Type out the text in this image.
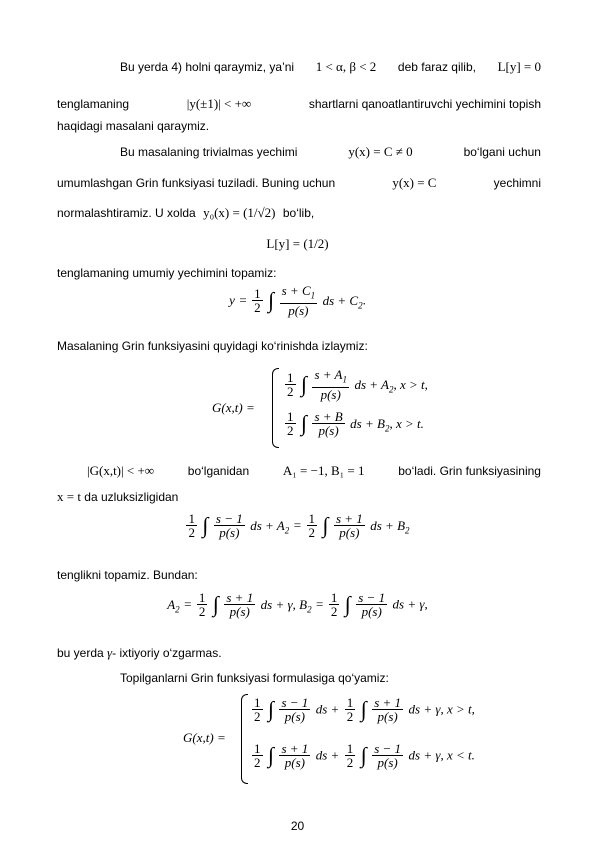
Bu yerda 4) holni qaraymiz, ya’ni 1 < α, β < 2 deb faraz qilib, L[y] = 0
tenglamaning	|y(±1)| < +∞	shartlarni qanoatlantiruvchi yechimini topish
haqidagi masalani qaraymiz.
Bu masalaning trivialmas yechimi	y(x) = C ≠ 0	bo‘lgani uchun
umumlashgan Grin funksiyasi tuziladi. Buning uchun	y(x) = C	yechimni
normalashtiramiz. U xolda y₀(x) = (1/√2) bo‘lib,
L[y] = (1/2)
tenglamaning umumiy yechimini topamiz:
$y = \frac{1}{2}$ ∫ $\frac{s + C_1}{p(s)}$ ds + $C_2$.
Masalaning Grin funksiyasini quyidagi ko‘rinishda izlaymiz:
G(x,t) =
$\frac{1}{2}$ ∫ $\frac{s + A_1}{p(s)}$ ds + $A_2$, x > t,
$\frac{1}{2}$ ∫ $\frac{s + B}{p(s)}$ ds + $B_2$, x > t.
|G(x,t)| < +∞	bo‘lganidan	A₁ = −1, B₁ = 1	bo‘ladi. Grin funksiyasining
x = t da uzluksizligidan
$\frac{1}{2}$ ∫ $\frac{s - 1}{p(s)}$ ds + $A_2 = \frac{1}{2}$ ∫ $\frac{s + 1}{p(s)}$ ds + $B_2$
tenglikni topamiz. Bundan:
$A_2 = \frac{1}{2}$ ∫ $\frac{s + 1}{p(s)}$ ds + γ, $B_2 = \frac{1}{2}$ ∫ $\frac{s - 1}{p(s)}$ ds + γ,
bu yerda γ- ixtiyoriy o‘zgarmas.
Topilganlarni Grin funksiyasi formulasiga qo‘yamiz:
G(x,t) =
$\frac{1}{2}$ ∫ $\frac{s - 1}{p(s)}$ ds + $\frac{1}{2}$ ∫ $\frac{s + 1}{p(s)}$ ds + γ, x > t,
$\frac{1}{2}$ ∫ $\frac{s + 1}{p(s)}$ ds + $\frac{1}{2}$ ∫ $\frac{s - 1}{p(s)}$ ds + γ, x < t.
20
